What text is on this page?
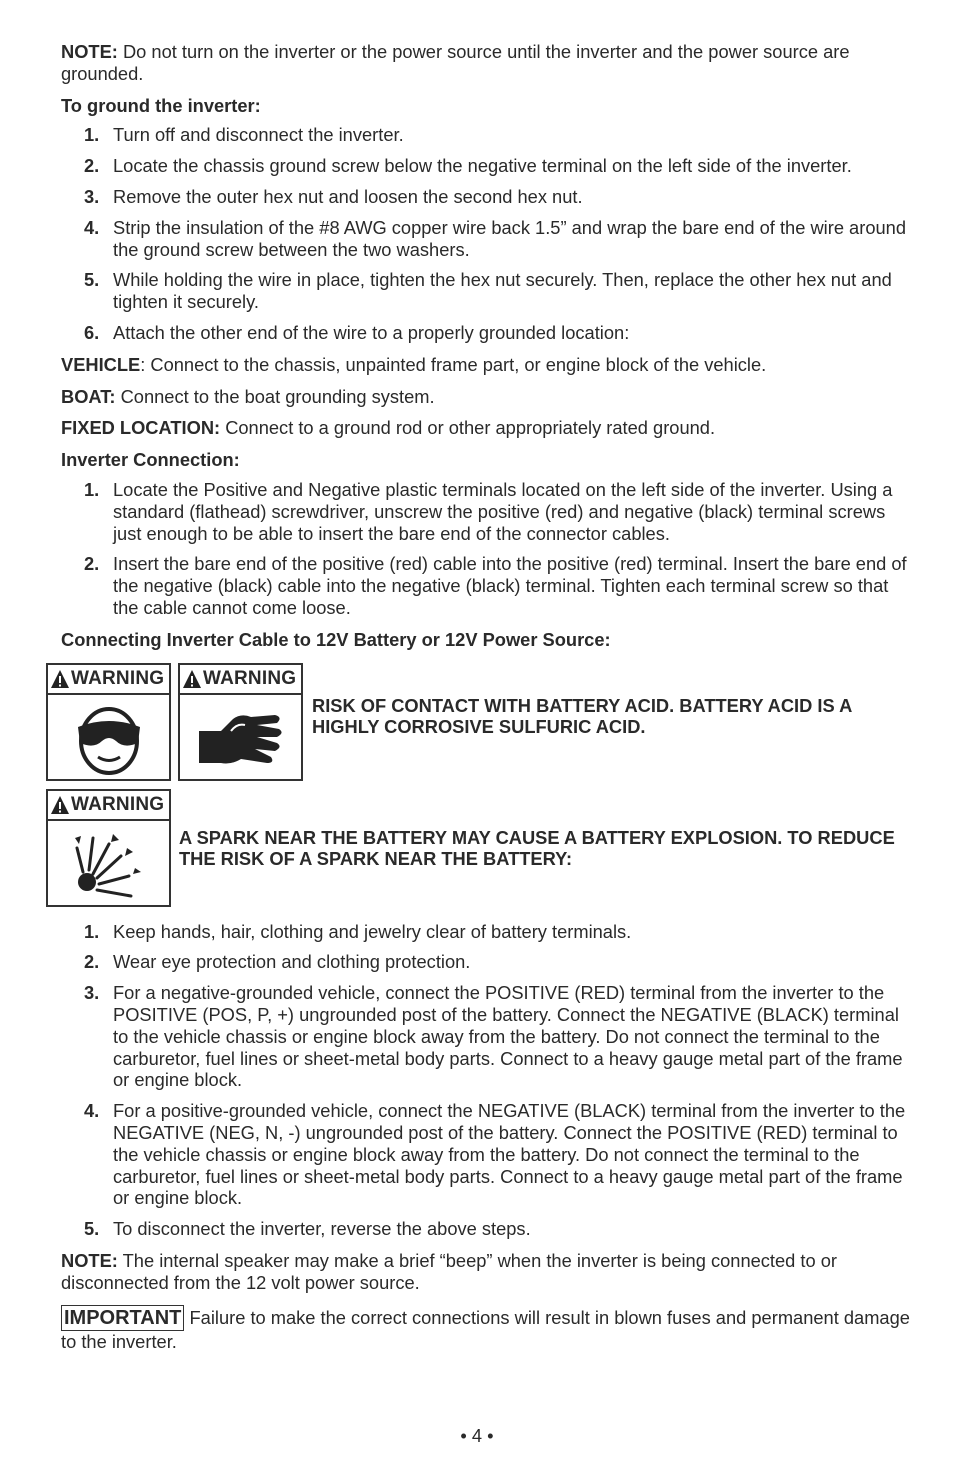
NOTE: Do not turn on the inverter or the power source until the inverter and the power source are grounded.

To ground the inverter:

1. Turn off and disconnect the inverter.
2. Locate the chassis ground screw below the negative terminal on the left side of the inverter.
3. Remove the outer hex nut and loosen the second hex nut.
4. Strip the insulation of the #8 AWG copper wire back 1.5” and wrap the bare end of the wire around the ground screw between the two washers.
5. While holding the wire in place, tighten the hex nut securely. Then, replace the other hex nut and tighten it securely.
6. Attach the other end of the wire to a properly grounded location:

VEHICLE: Connect to the chassis, unpainted frame part, or engine block of the vehicle.

BOAT: Connect to the boat grounding system.

FIXED LOCATION: Connect to a ground rod or other appropriately rated ground.

Inverter Connection:

1. Locate the Positive and Negative plastic terminals located on the left side of the inverter. Using a standard (flathead) screwdriver, unscrew the positive (red) and negative (black) terminal screws just enough to be able to insert the bare end of the connector cables.
2. Insert the bare end of the positive (red) cable into the positive (red) terminal. Insert the bare end of the negative (black) cable into the negative (black) terminal. Tighten each terminal screw so that the cable cannot come loose.

Connecting Inverter Cable to 12V Battery or 12V Power Source:

WARNING WARNING
RISK OF CONTACT WITH BATTERY ACID. BATTERY ACID IS A HIGHLY CORROSIVE SULFURIC ACID.
WARNING
A SPARK NEAR THE BATTERY MAY CAUSE A BATTERY EXPLOSION. TO REDUCE THE RISK OF A SPARK NEAR THE BATTERY:
1. Keep hands, hair, clothing and jewelry clear of battery terminals.
2. Wear eye protection and clothing protection.
3. For a negative-grounded vehicle, connect the POSITIVE (RED) terminal from the inverter to the POSITIVE (POS, P, +) ungrounded post of the battery. Connect the NEGATIVE (BLACK) terminal to the vehicle chassis or engine block away from the battery. Do not connect the terminal to the carburetor, fuel lines or sheet-metal body parts. Connect to a heavy gauge metal part of the frame or engine block.
4. For a positive-grounded vehicle, connect the NEGATIVE (BLACK) terminal from the inverter to the NEGATIVE (NEG, N, -) ungrounded post of the battery. Connect the POSITIVE (RED) terminal to the vehicle chassis or engine block away from the battery. Do not connect the terminal to the carburetor, fuel lines or sheet-metal body parts. Connect to a heavy gauge metal part of the frame or engine block.
5. To disconnect the inverter, reverse the above steps.

NOTE: The internal speaker may make a brief “beep” when the inverter is being connected to or disconnected from the 12 volt power source.

IMPORTANT Failure to make the correct connections will result in blown fuses and permanent damage to the inverter.

• 4 •
